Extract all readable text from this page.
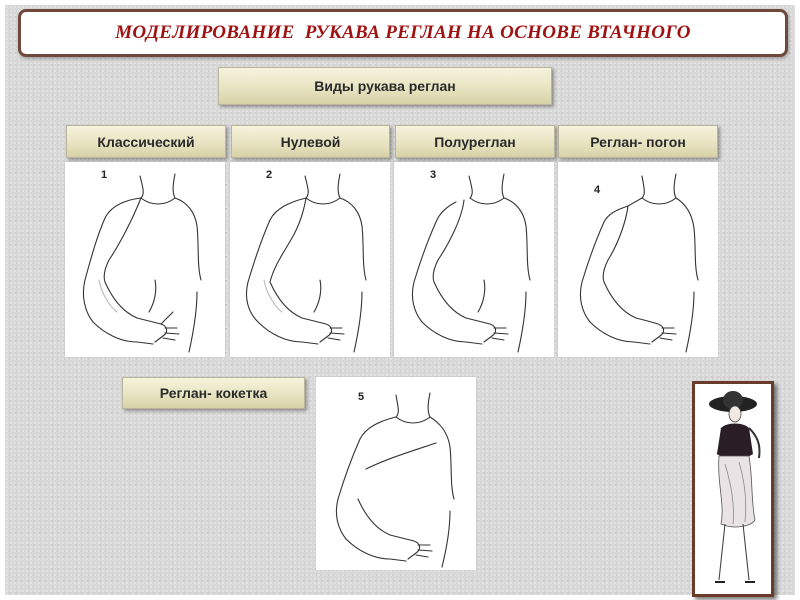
МОДЕЛИРОВАНИЕ  РУКАВА РЕГЛАН НА ОСНОВЕ ВТАЧНОГО
Виды рукава реглан
Классический	Нулевой	Полуреглан	Реглан- погон
1	2	3
4
Реглан- кокетка	5
